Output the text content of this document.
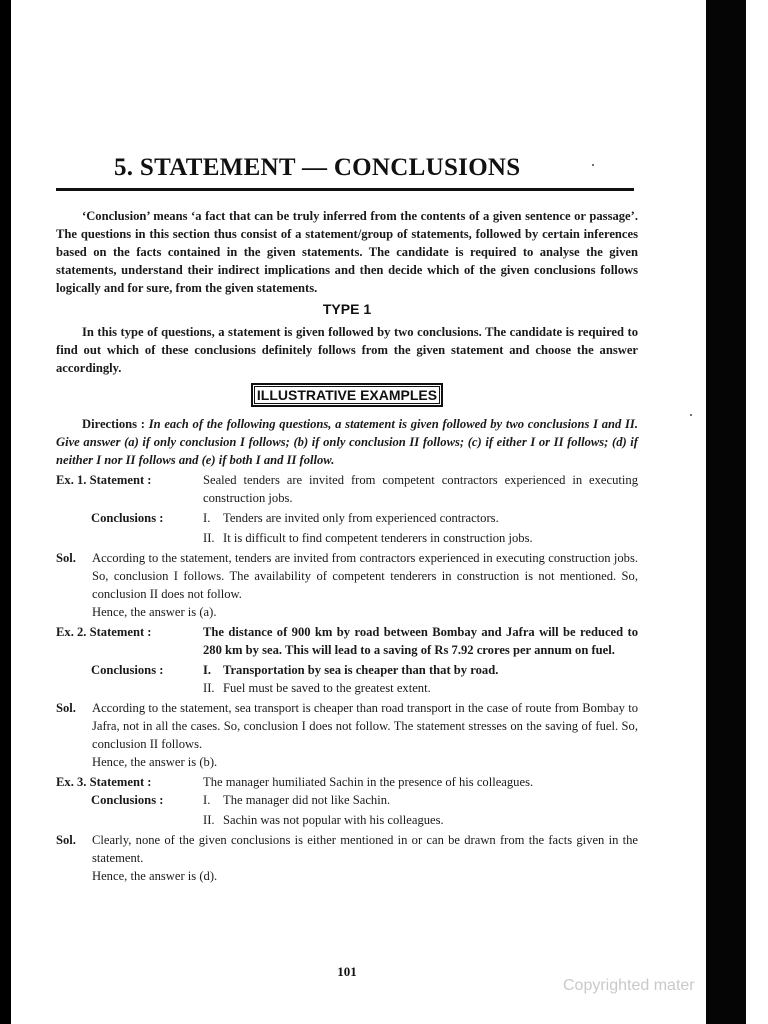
5. STATEMENT — CONCLUSIONS
‘Conclusion’ means ‘a fact that can be truly inferred from the contents of a given sentence or passage’. The questions in this section thus consist of a statement/group of statements, followed by certain inferences based on the facts contained in the given statements. The candidate is required to analyse the given statements, understand their indirect implications and then decide which of the given conclusions follows logically and for sure, from the given statements.
TYPE 1
In this type of questions, a statement is given followed by two conclusions. The candidate is required to find out which of these conclusions definitely follows from the given statement and choose the answer accordingly.
ILLUSTRATIVE EXAMPLES
Directions : In each of the following questions, a statement is given followed by two conclusions I and II. Give answer (a) if only conclusion I follows; (b) if only conclusion II follows; (c) if either I or II follows; (d) if neither I nor II follows and (e) if both I and II follow.
Ex. 1. Statement :	Sealed tenders are invited from competent contractors experienced in executing construction jobs.
Conclusions :	I. Tenders are invited only from experienced contractors.
II. It is difficult to find competent tenderers in construction jobs.
Sol.	According to the statement, tenders are invited from contractors experienced in executing construction jobs. So, conclusion I follows. The availability of competent tenderers in construction is not mentioned. So, conclusion II does not follow.
Hence, the answer is (a).
Ex. 2. Statement :	The distance of 900 km by road between Bombay and Jafra will be reduced to 280 km by sea. This will lead to a saving of Rs 7.92 crores per annum on fuel.
Conclusions :	I. Transportation by sea is cheaper than that by road.
II. Fuel must be saved to the greatest extent.
Sol.	According to the statement, sea transport is cheaper than road transport in the case of route from Bombay to Jafra, not in all the cases. So, conclusion I does not follow. The statement stresses on the saving of fuel. So, conclusion II follows.
Hence, the answer is (b).
Ex. 3. Statement :	The manager humiliated Sachin in the presence of his colleagues.
Conclusions :	I. The manager did not like Sachin.
II. Sachin was not popular with his colleagues.
Sol.	Clearly, none of the given conclusions is either mentioned in or can be drawn from the facts given in the statement.
Hence, the answer is (d).
101
Copyrighted mater
